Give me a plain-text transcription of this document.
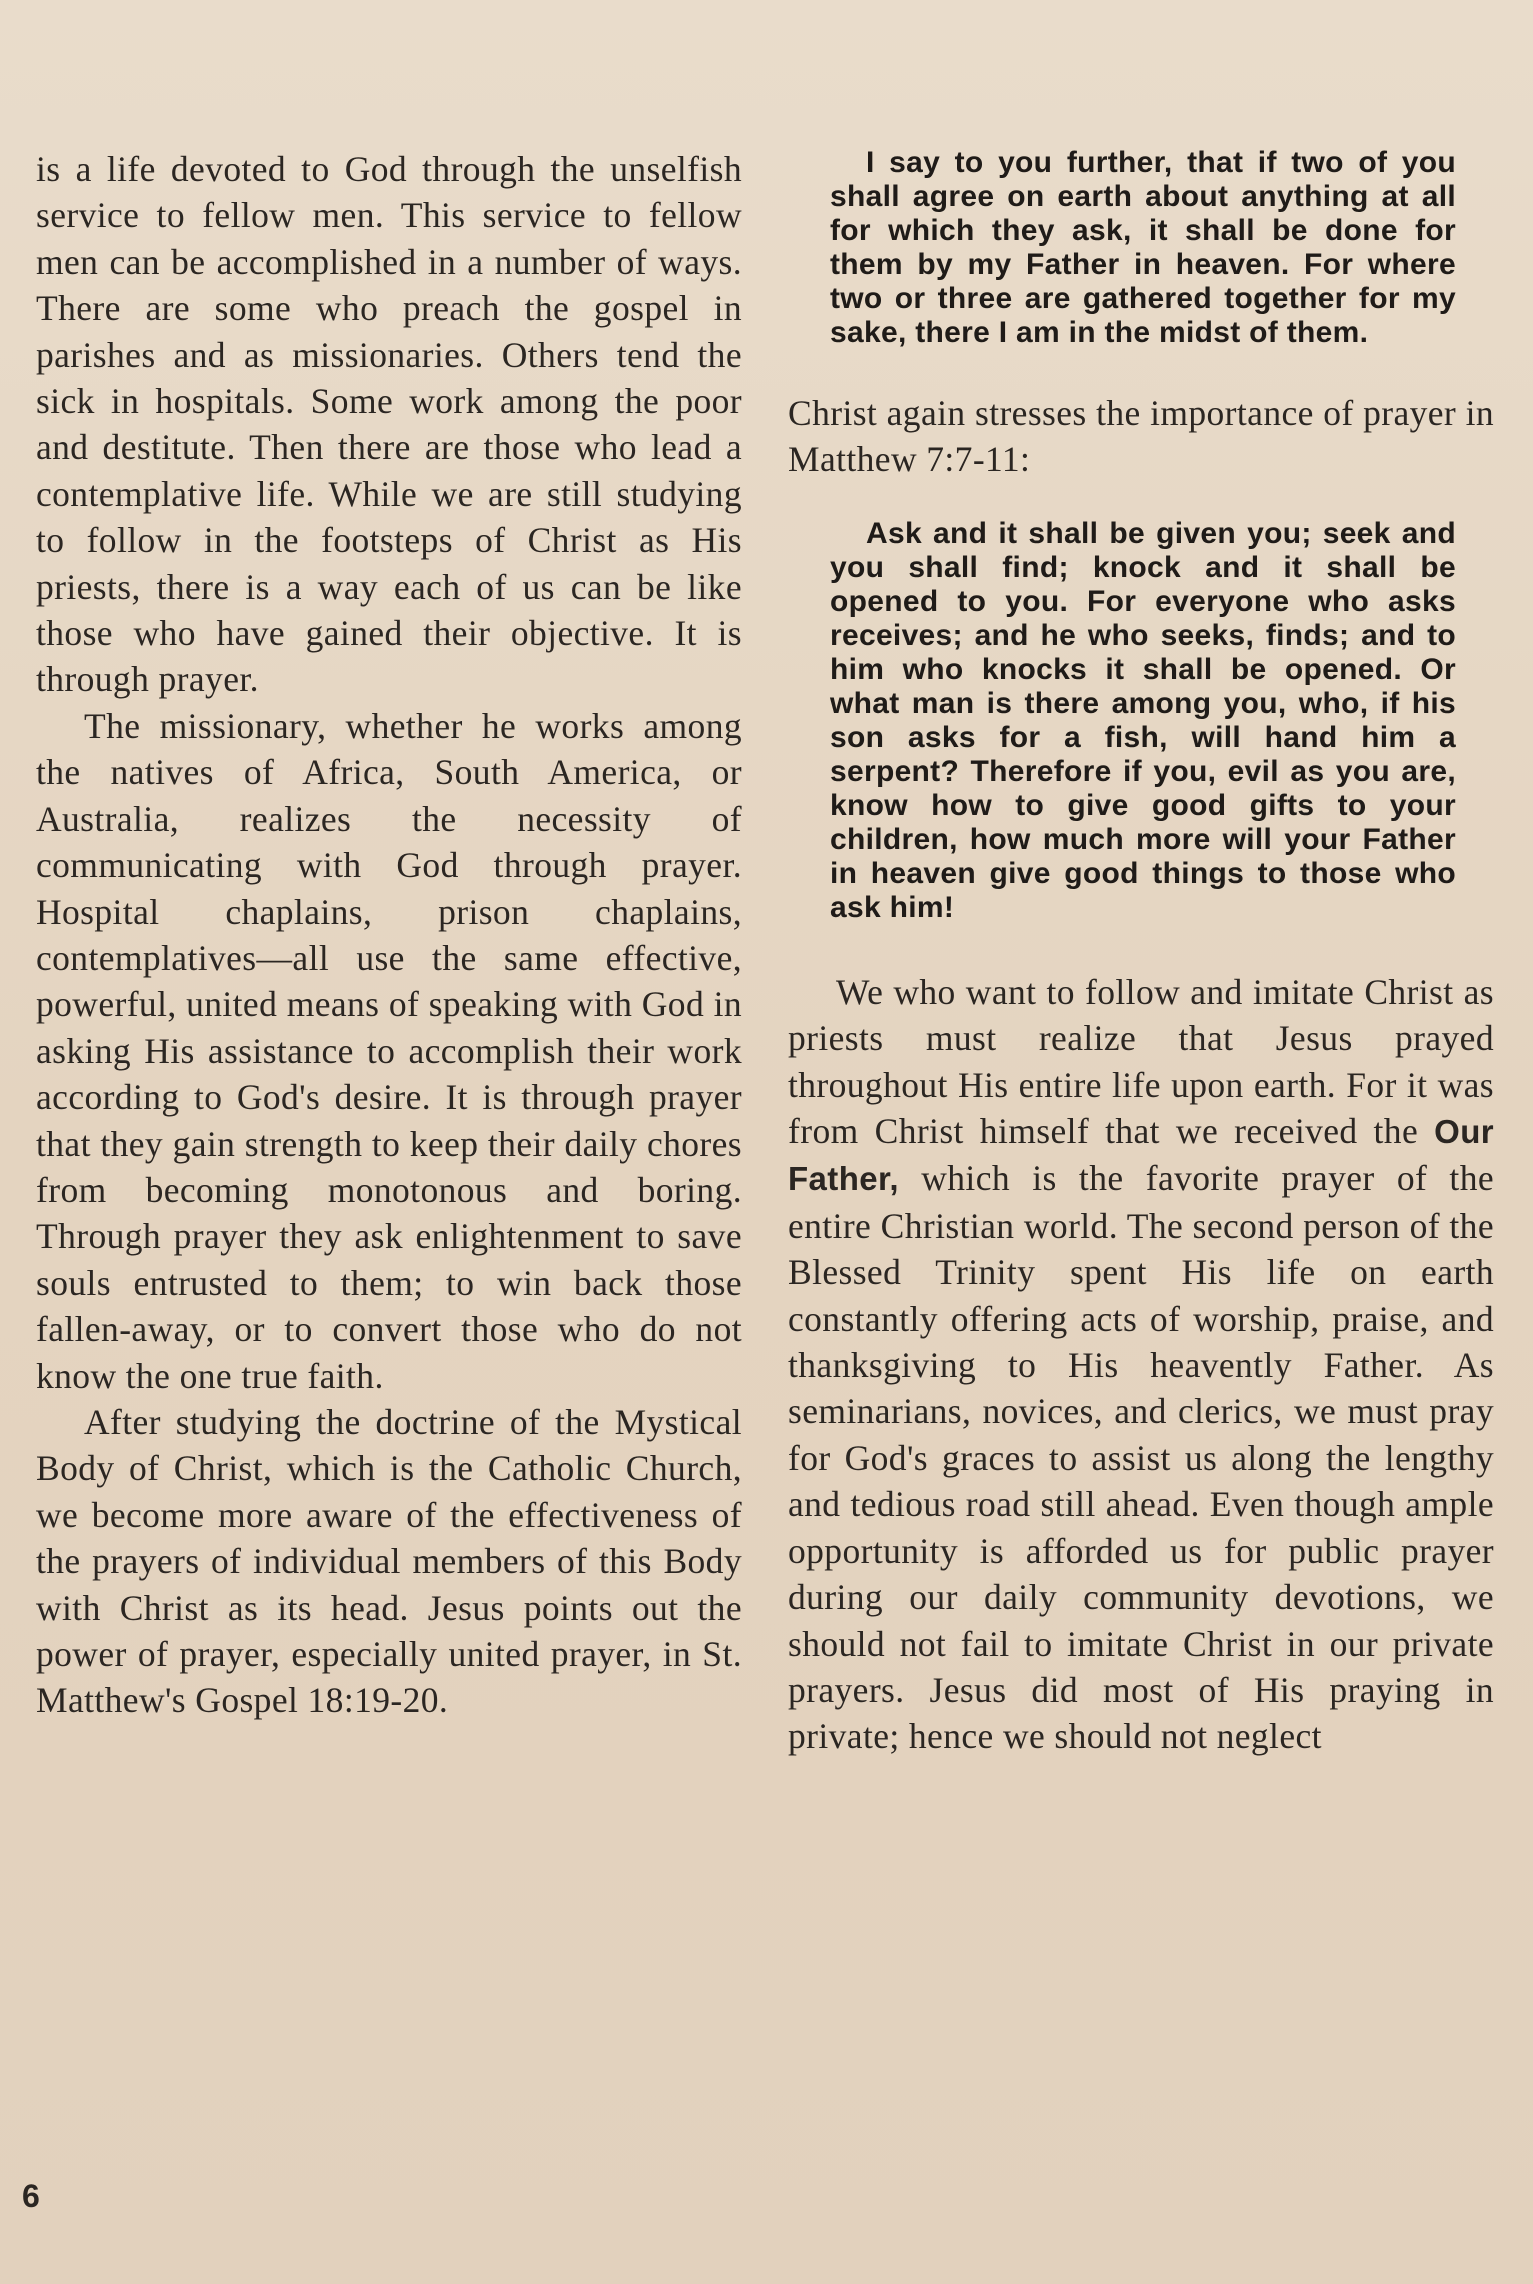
is a life devoted to God through the unselfish service to fellow men. This service to fellow men can be accomplished in a number of ways. There are some who preach the gospel in parishes and as missionaries. Others tend the sick in hospitals. Some work among the poor and destitute. Then there are those who lead a contemplative life. While we are still studying to follow in the footsteps of Christ as His priests, there is a way each of us can be like those who have gained their objective. It is through prayer.

The missionary, whether he works among the natives of Africa, South America, or Australia, realizes the necessity of communicating with God through prayer. Hospital chaplains, prison chaplains, contemplatives—all use the same effective, powerful, united means of speaking with God in asking His assistance to accomplish their work according to God's desire. It is through prayer that they gain strength to keep their daily chores from becoming monotonous and boring. Through prayer they ask enlightenment to save souls entrusted to them; to win back those fallen-away, or to convert those who do not know the one true faith.

After studying the doctrine of the Mystical Body of Christ, which is the Catholic Church, we become more aware of the effectiveness of the prayers of individual members of this Body with Christ as its head. Jesus points out the power of prayer, especially united prayer, in St. Matthew's Gospel 18:19-20.

I say to you further, that if two of you shall agree on earth about anything at all for which they ask, it shall be done for them by my Father in heaven. For where two or three are gathered together for my sake, there I am in the midst of them.

Christ again stresses the importance of prayer in Matthew 7:7-11:

Ask and it shall be given you; seek and you shall find; knock and it shall be opened to you. For everyone who asks receives; and he who seeks, finds; and to him who knocks it shall be opened. Or what man is there among you, who, if his son asks for a fish, will hand him a serpent? Therefore if you, evil as you are, know how to give good gifts to your children, how much more will your Father in heaven give good things to those who ask him!

We who want to follow and imitate Christ as priests must realize that Jesus prayed throughout His entire life upon earth. For it was from Christ himself that we received the Our Father, which is the favorite prayer of the entire Christian world. The second person of the Blessed Trinity spent His life on earth constantly offering acts of worship, praise, and thanksgiving to His heavently Father. As seminarians, novices, and clerics, we must pray for God's graces to assist us along the lengthy and tedious road still ahead. Even though ample opportunity is afforded us for public prayer during our daily community devotions, we should not fail to imitate Christ in our private prayers. Jesus did most of His praying in private; hence we should not neglect

6
